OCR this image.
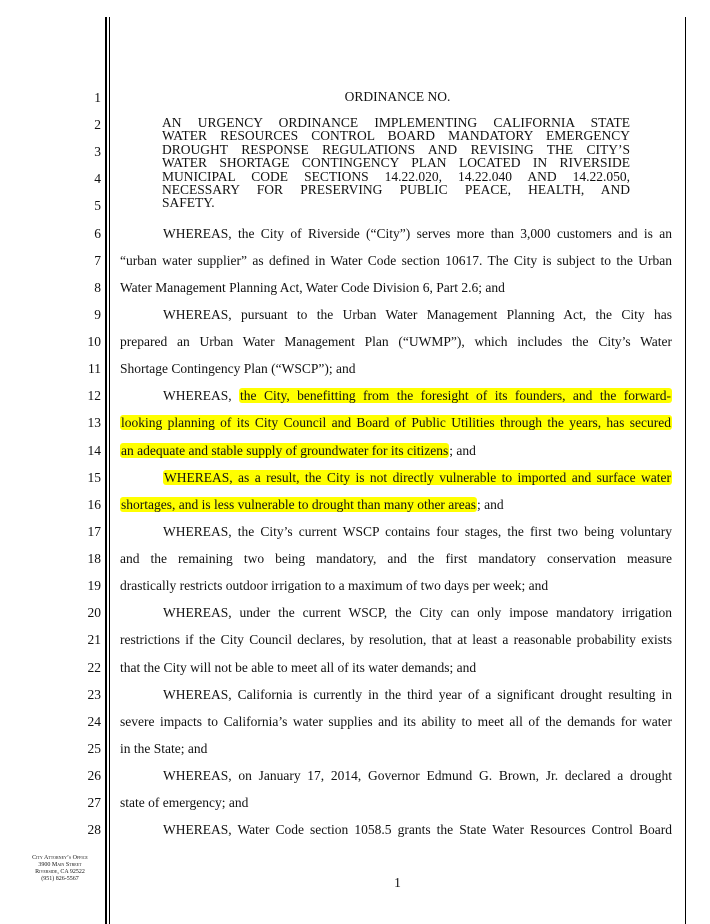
1
2
3
4
5
6
7
8
9
10
11
12
13
14
15
16
17
18
19
20
21
22
23
24
25
26
27
28
ORDINANCE NO.
AN URGENCY ORDINANCE IMPLEMENTING CALIFORNIA STATE
WATER RESOURCES CONTROL BOARD MANDATORY EMERGENCY
DROUGHT RESPONSE REGULATIONS AND REVISING THE CITY’S
WATER SHORTAGE CONTINGENCY PLAN LOCATED IN RIVERSIDE
MUNICIPAL CODE SECTIONS 14.22.020, 14.22.040 AND 14.22.050,
NECESSARY FOR PRESERVING PUBLIC PEACE, HEALTH, AND
SAFETY.
WHEREAS, the City of Riverside (“City”) serves more than 3,000 customers and is an
“urban water supplier” as defined in Water Code section 10617. The City is subject to the Urban
Water Management Planning Act, Water Code Division 6, Part 2.6; and
WHEREAS, pursuant to the Urban Water Management Planning Act, the City has
prepared an Urban Water Management Plan (“UWMP”), which includes the City’s Water
Shortage Contingency Plan (“WSCP”); and
WHEREAS, the City, benefitting from the foresight of its founders, and the forward-
looking planning of its City Council and Board of Public Utilities through the years, has secured
an adequate and stable supply of groundwater for its citizens; and
WHEREAS, as a result, the City is not directly vulnerable to imported and surface water
shortages, and is less vulnerable to drought than many other areas; and
WHEREAS, the City’s current WSCP contains four stages, the first two being voluntary
and the remaining two being mandatory, and the first mandatory conservation measure
drastically restricts outdoor irrigation to a maximum of two days per week; and
WHEREAS, under the current WSCP, the City can only impose mandatory irrigation
restrictions if the City Council declares, by resolution, that at least a reasonable probability exists
that the City will not be able to meet all of its water demands; and
WHEREAS, California is currently in the third year of a significant drought resulting in
severe impacts to California’s water supplies and its ability to meet all of the demands for water
in the State; and
WHEREAS, on January 17, 2014, Governor Edmund G. Brown, Jr. declared a drought
state of emergency; and
WHEREAS, Water Code section 1058.5 grants the State Water Resources Control Board
City Attorney’s Office
3900 Main Street
Riverside, CA 92522
(951) 826-5567	1
